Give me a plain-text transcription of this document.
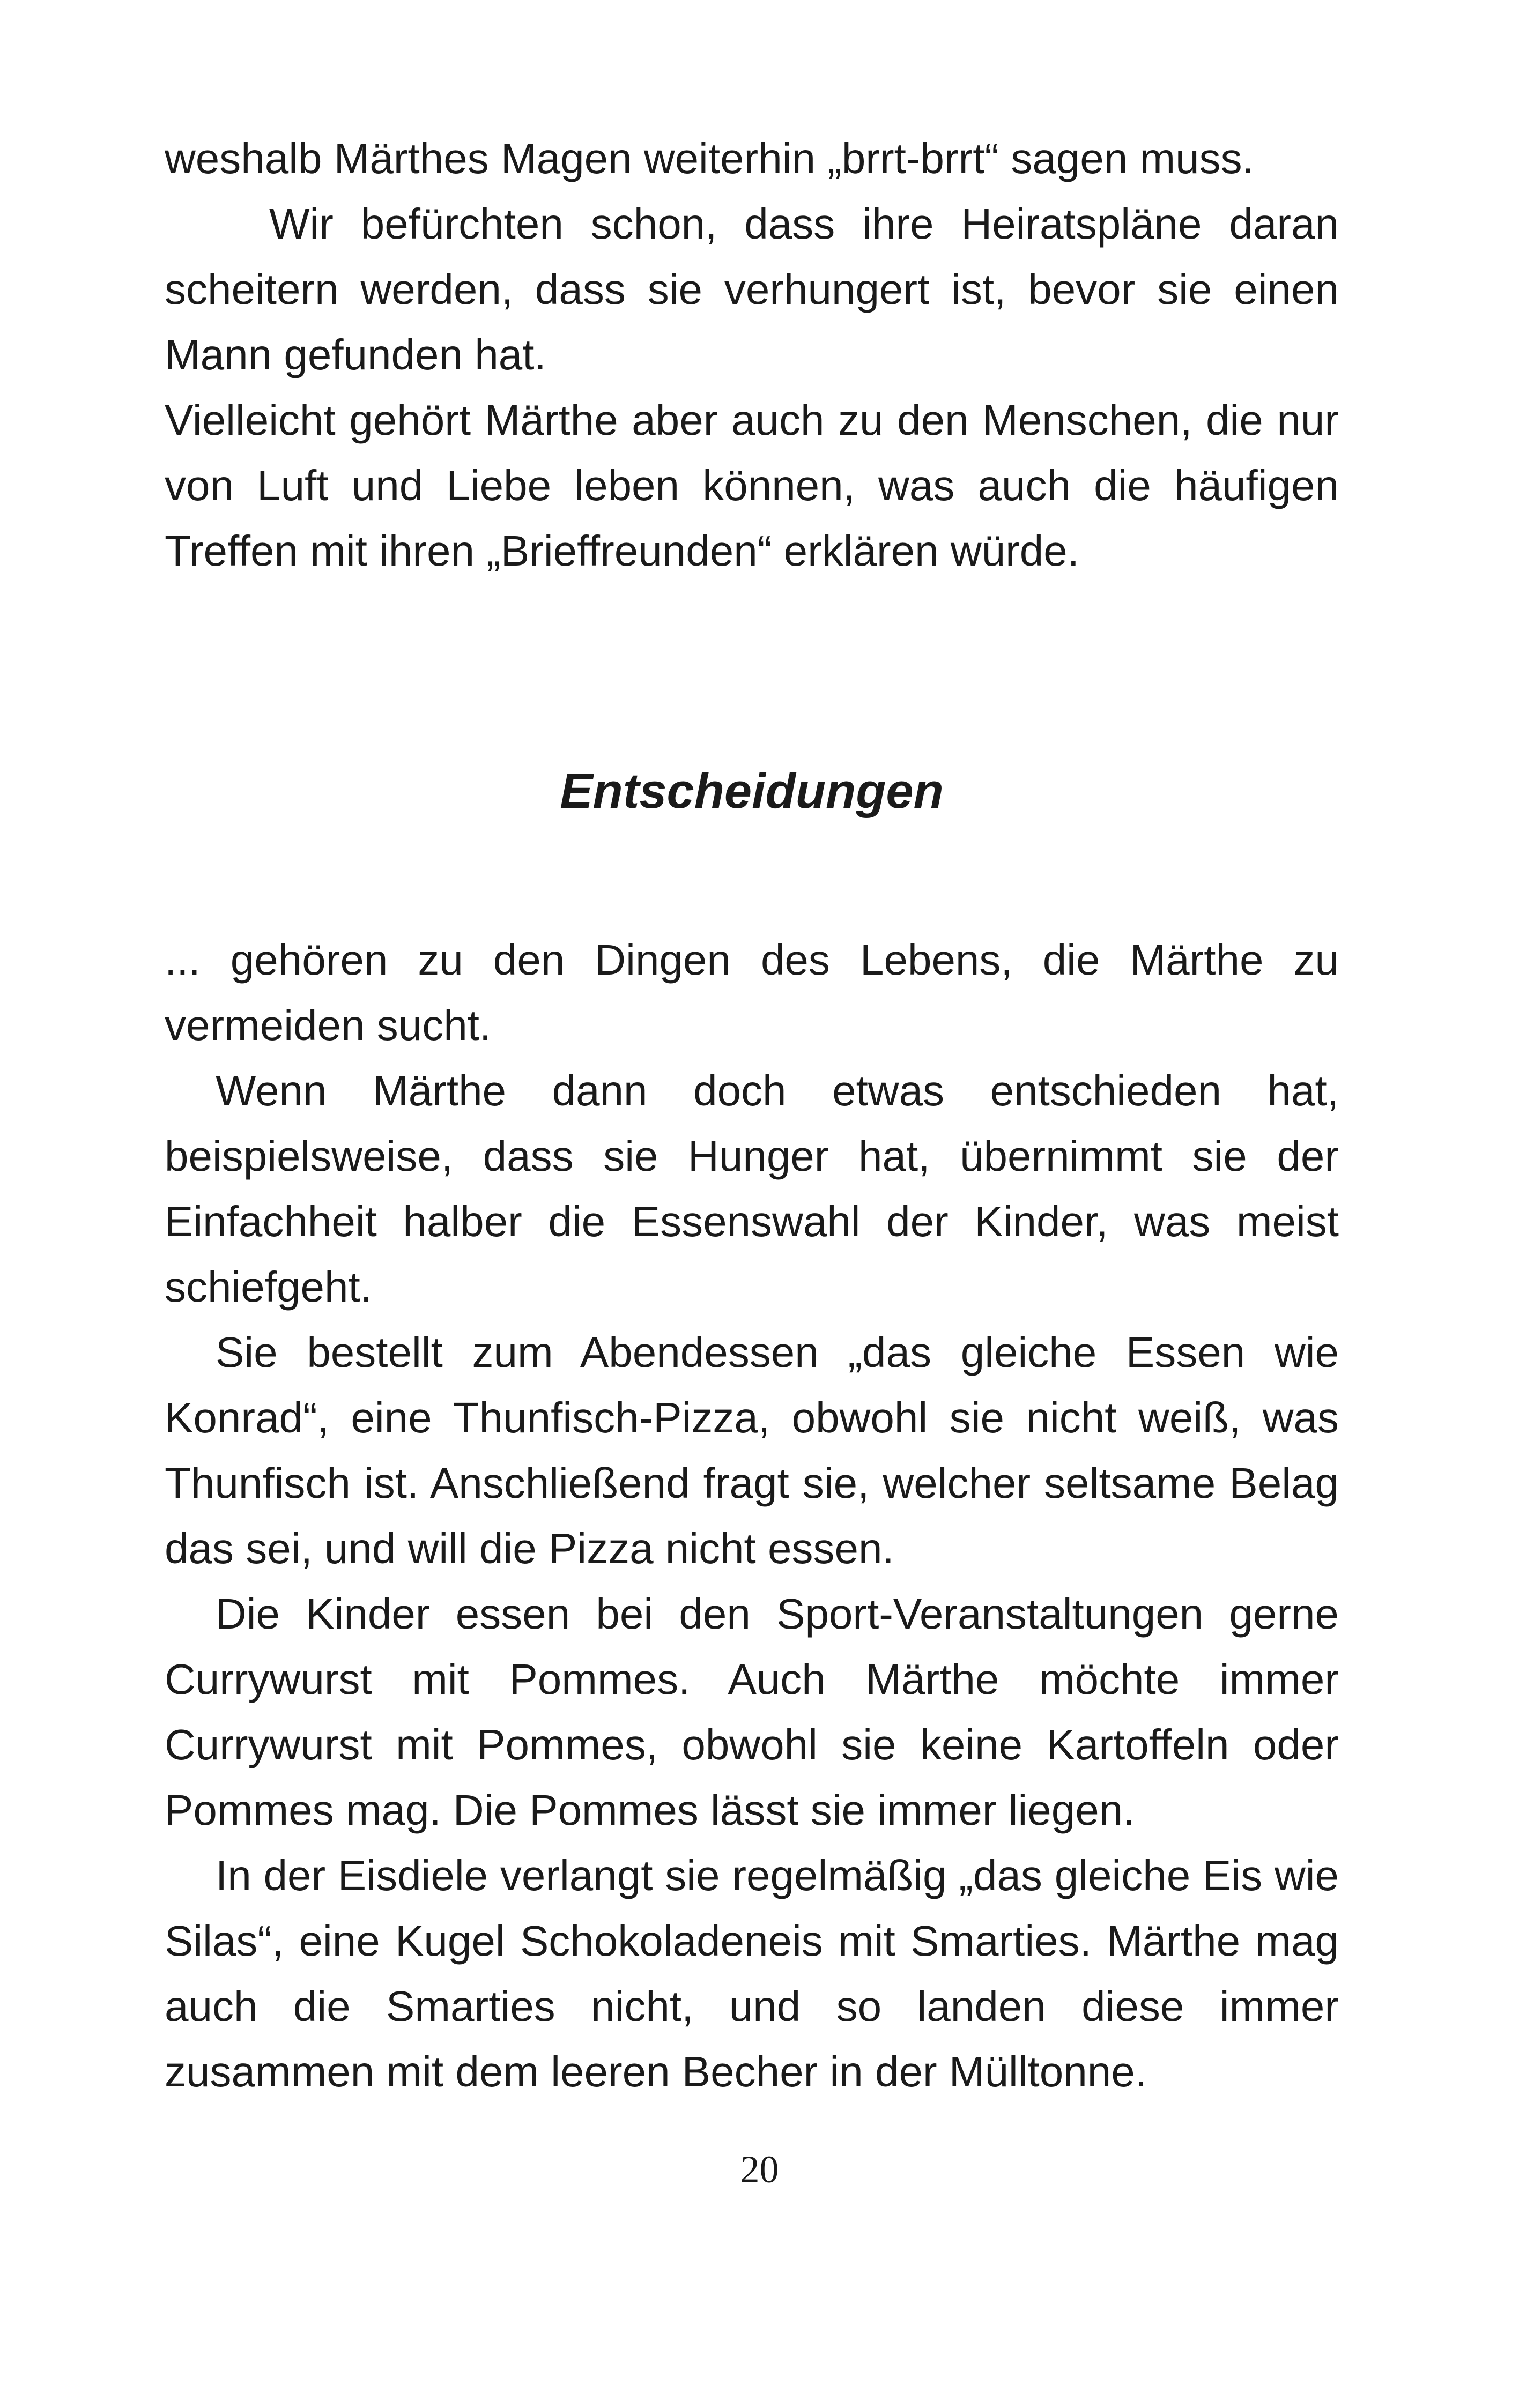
weshalb Märthes Magen weiterhin „brrt-brrt“ sagen muss.

Wir befürchten schon, dass ihre Heiratspläne daran scheitern werden, dass sie verhungert ist, bevor sie einen Mann gefunden hat.

Vielleicht gehört Märthe aber auch zu den Menschen, die nur von Luft und Liebe leben können, was auch die häufigen Treffen mit ihren „Brieffreunden“ erklären würde.

Entscheidungen

... gehören zu den Dingen des Lebens, die Märthe zu vermeiden sucht.

Wenn Märthe dann doch etwas entschieden hat, beispielsweise, dass sie Hunger hat, übernimmt sie der Einfachheit halber die Essenswahl der Kinder, was meist schiefgeht.

Sie bestellt zum Abendessen „das gleiche Essen wie Konrad“, eine Thunfisch-Pizza, obwohl sie nicht weiß, was Thunfisch ist. Anschließend fragt sie, welcher seltsame Belag das sei, und will die Pizza nicht essen.

Die Kinder essen bei den Sport-Veranstaltungen gerne Currywurst mit Pommes. Auch Märthe möchte immer Currywurst mit Pommes, obwohl sie keine Kartoffeln oder Pommes mag. Die Pommes lässt sie immer liegen.

In der Eisdiele verlangt sie regelmäßig „das gleiche Eis wie Silas“, eine Kugel Schokoladeneis mit Smarties. Märthe mag auch die Smarties nicht, und so landen diese immer zusammen mit dem leeren Becher in der Mülltonne.

20
